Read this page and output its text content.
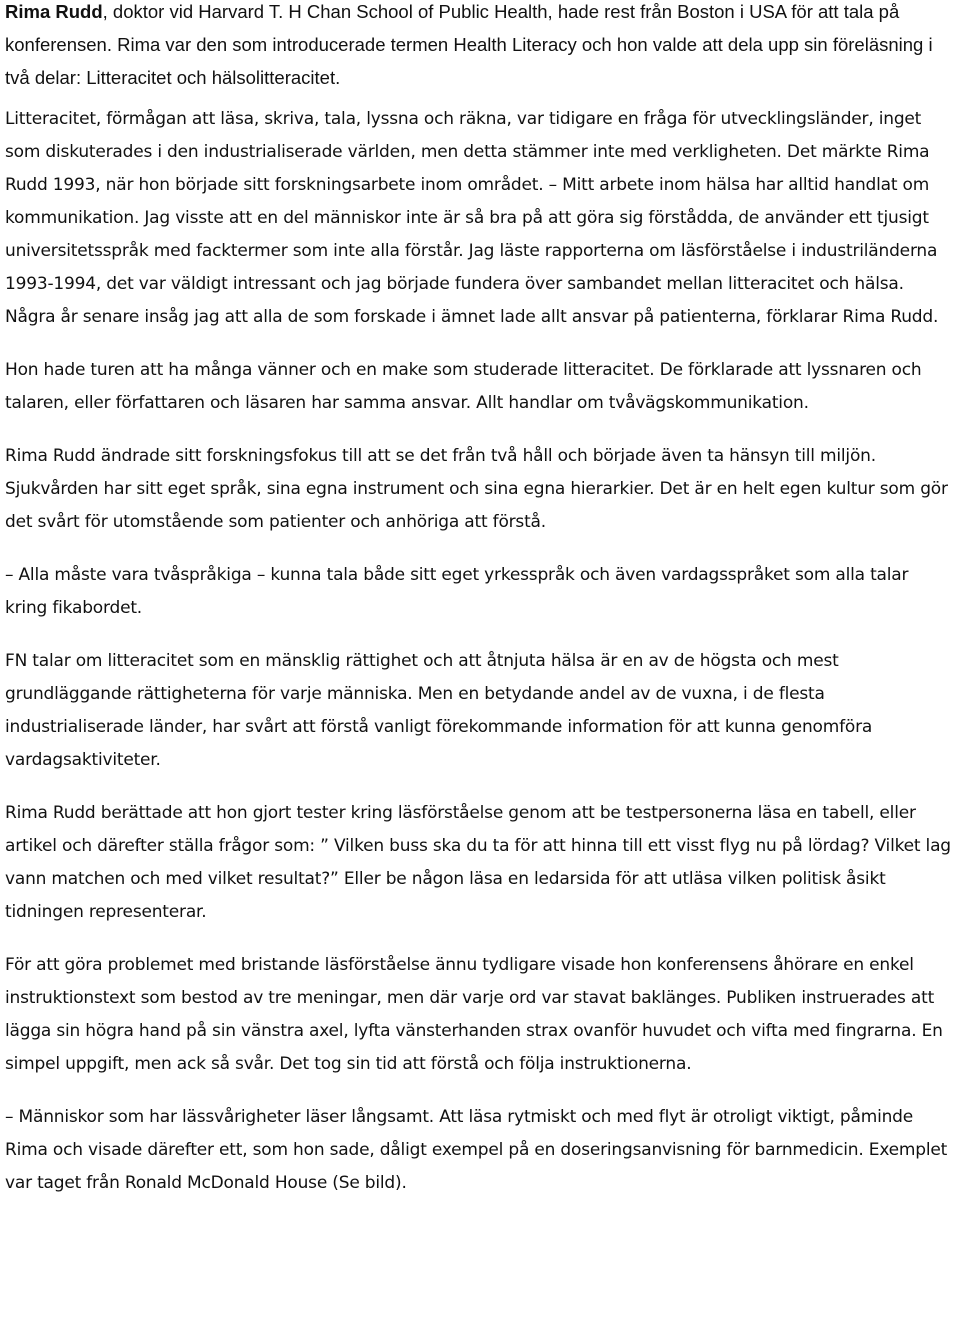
Rima Rudd, doktor vid Harvard T. H Chan School of Public Health, hade rest från Boston i USA för att tala på konferensen. Rima var den som introducerade termen Health Literacy och hon valde att dela upp sin föreläsning i två delar: Litteracitet och hälsolitteracitet.

Litteracitet, förmågan att läsa, skriva, tala, lyssna och räkna, var tidigare en fråga för utvecklingsländer, inget som diskuterades i den industrialiserade världen, men detta stämmer inte med verkligheten. Det märkte Rima Rudd 1993, när hon började sitt forskningsarbete inom området. – Mitt arbete inom hälsa har alltid handlat om kommunikation. Jag visste att en del människor inte är så bra på att göra sig förstådda, de använder ett tjusigt universitetsspråk med facktermer som inte alla förstår. Jag läste rapporterna om läsförståelse i industriländerna 1993-1994, det var väldigt intressant och jag började fundera över sambandet mellan litteracitet och hälsa. Några år senare insåg jag att alla de som forskade i ämnet lade allt ansvar på patienterna, förklarar Rima Rudd.

Hon hade turen att ha många vänner och en make som studerade litteracitet. De förklarade att lyssnaren och talaren, eller författaren och läsaren har samma ansvar. Allt handlar om tvåvägskommunikation.

Rima Rudd ändrade sitt forskningsfokus till att se det från två håll och började även ta hänsyn till miljön. Sjukvården har sitt eget språk, sina egna instrument och sina egna hierarkier. Det är en helt egen kultur som gör det svårt för utomstående som patienter och anhöriga att förstå.

– Alla måste vara tvåspråkiga – kunna tala både sitt eget yrkesspråk och även vardagsspråket som alla talar kring fikabordet.

FN talar om litteracitet som en mänsklig rättighet och att åtnjuta hälsa är en av de högsta och mest grundläggande rättigheterna för varje människa. Men en betydande andel av de vuxna, i de flesta industrialiserade länder, har svårt att förstå vanligt förekommande information för att kunna genomföra vardagsaktiviteter.

Rima Rudd berättade att hon gjort tester kring läsförståelse genom att be testpersonerna läsa en tabell, eller artikel och därefter ställa frågor som: ” Vilken buss ska du ta för att hinna till ett visst flyg nu på lördag? Vilket lag vann matchen och med vilket resultat?” Eller be någon läsa en ledarsida för att utläsa vilken politisk åsikt tidningen representerar.

För att göra problemet med bristande läsförståelse ännu tydligare visade hon konferensens åhörare en enkel instruktionstext som bestod av tre meningar, men där varje ord var stavat baklänges. Publiken instruerades att lägga sin högra hand på sin vänstra axel, lyfta vänsterhanden strax ovanför huvudet och vifta med fingrarna. En simpel uppgift, men ack så svår. Det tog sin tid att förstå och följa instruktionerna.

– Människor som har lässvårigheter läser långsamt. Att läsa rytmiskt och med flyt är otroligt viktigt, påminde Rima och visade därefter ett, som hon sade, dåligt exempel på en doseringsanvisning för barnmedicin. Exemplet var taget från Ronald McDonald House (Se bild).
